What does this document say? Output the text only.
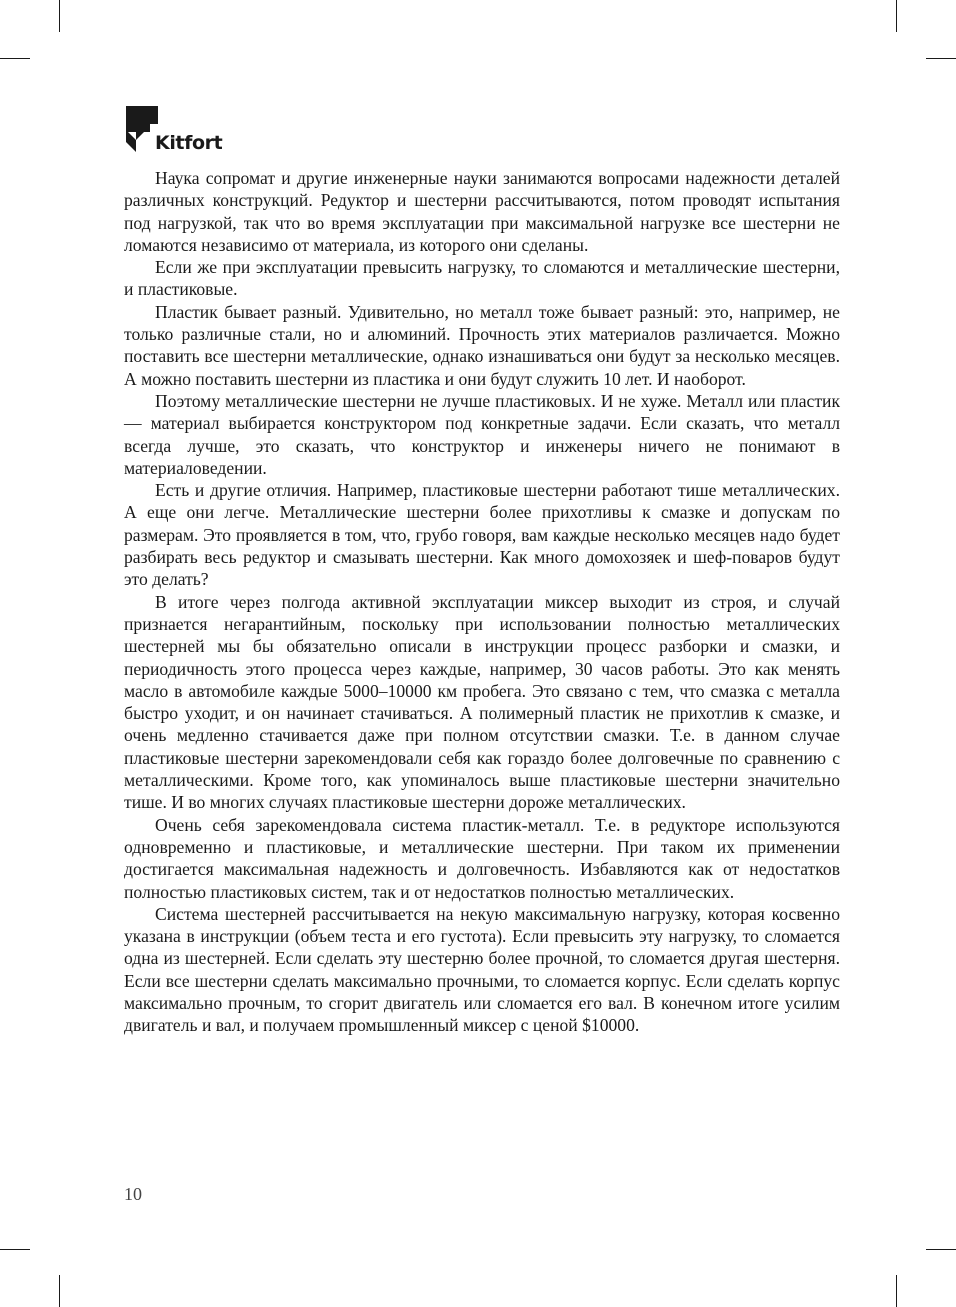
Kitfort

Наука сопромат и другие инженерные науки занимаются вопросами надежности деталей различных конструкций. Редуктор и шестерни рассчитываются, потом проводят испытания под нагрузкой, так что во время эксплуатации при максимальной нагрузке все шестерни не ломаются независимо от материала, из которого они сделаны.

Если же при эксплуатации превысить нагрузку, то сломаются и металлические шестерни, и пластиковые.

Пластик бывает разный. Удивительно, но металл тоже бывает разный: это, например, не только различные стали, но и алюминий. Прочность этих материалов различается. Можно поставить все шестерни металлические, однако изнашиваться они будут за несколько месяцев. А можно поставить шестерни из пластика и они будут служить 10 лет. И наоборот.

Поэтому металлические шестерни не лучше пластиковых. И не хуже. Металл или пластик — материал выбирается конструктором под конкретные задачи. Если сказать, что металл всегда лучше, это сказать, что конструктор и инженеры ничего не понимают в материаловедении.

Есть и другие отличия. Например, пластиковые шестерни работают тише металлических. А еще они легче. Металлические шестерни более прихотливы к смазке и допускам по размерам. Это проявляется в том, что, грубо говоря, вам каждые несколько месяцев надо будет разбирать весь редуктор и смазывать шестерни. Как много домохозяек и шеф-поваров будут это делать?

В итоге через полгода активной эксплуатации миксер выходит из строя, и случай признается негарантийным, поскольку при использовании полностью металлических шестерней мы бы обязательно описали в инструкции процесс разборки и смазки, и периодичность этого процесса через каждые, например, 30 часов работы. Это как менять масло в автомобиле каждые 5000–10000 км пробега. Это связано с тем, что смазка с металла быстро уходит, и он начинает стачиваться. А полимерный пластик не прихотлив к смазке, и очень медленно стачивается даже при полном отсутствии смазки. Т.е. в данном случае пластиковые шестерни зарекомендовали себя как гораздо более долговечные по сравнению с металлическими. Кроме того, как упоминалось выше пластиковые шестерни значительно тише. И во многих случаях пластиковые шестерни дороже металлических.

Очень себя зарекомендовала система пластик-металл. Т.е. в редукторе используются одновременно и пластиковые, и металлические шестерни. При таком их применении достигается максимальная надежность и долговечность. Избавляются как от недостатков полностью пластиковых систем, так и от недостатков полностью металлических.

Система шестерней рассчитывается на некую максимальную нагрузку, которая косвенно указана в инструкции (объем теста и его густота). Если превысить эту нагрузку, то сломается одна из шестерней. Если сделать эту шестерню более прочной, то сломается другая шестерня. Если все шестерни сделать максимально прочными, то сломается корпус. Если сделать корпус максимально прочным, то сгорит двигатель или сломается его вал. В конечном итоге усилим двигатель и вал, и получаем промышленный миксер с ценой $10000.

10
